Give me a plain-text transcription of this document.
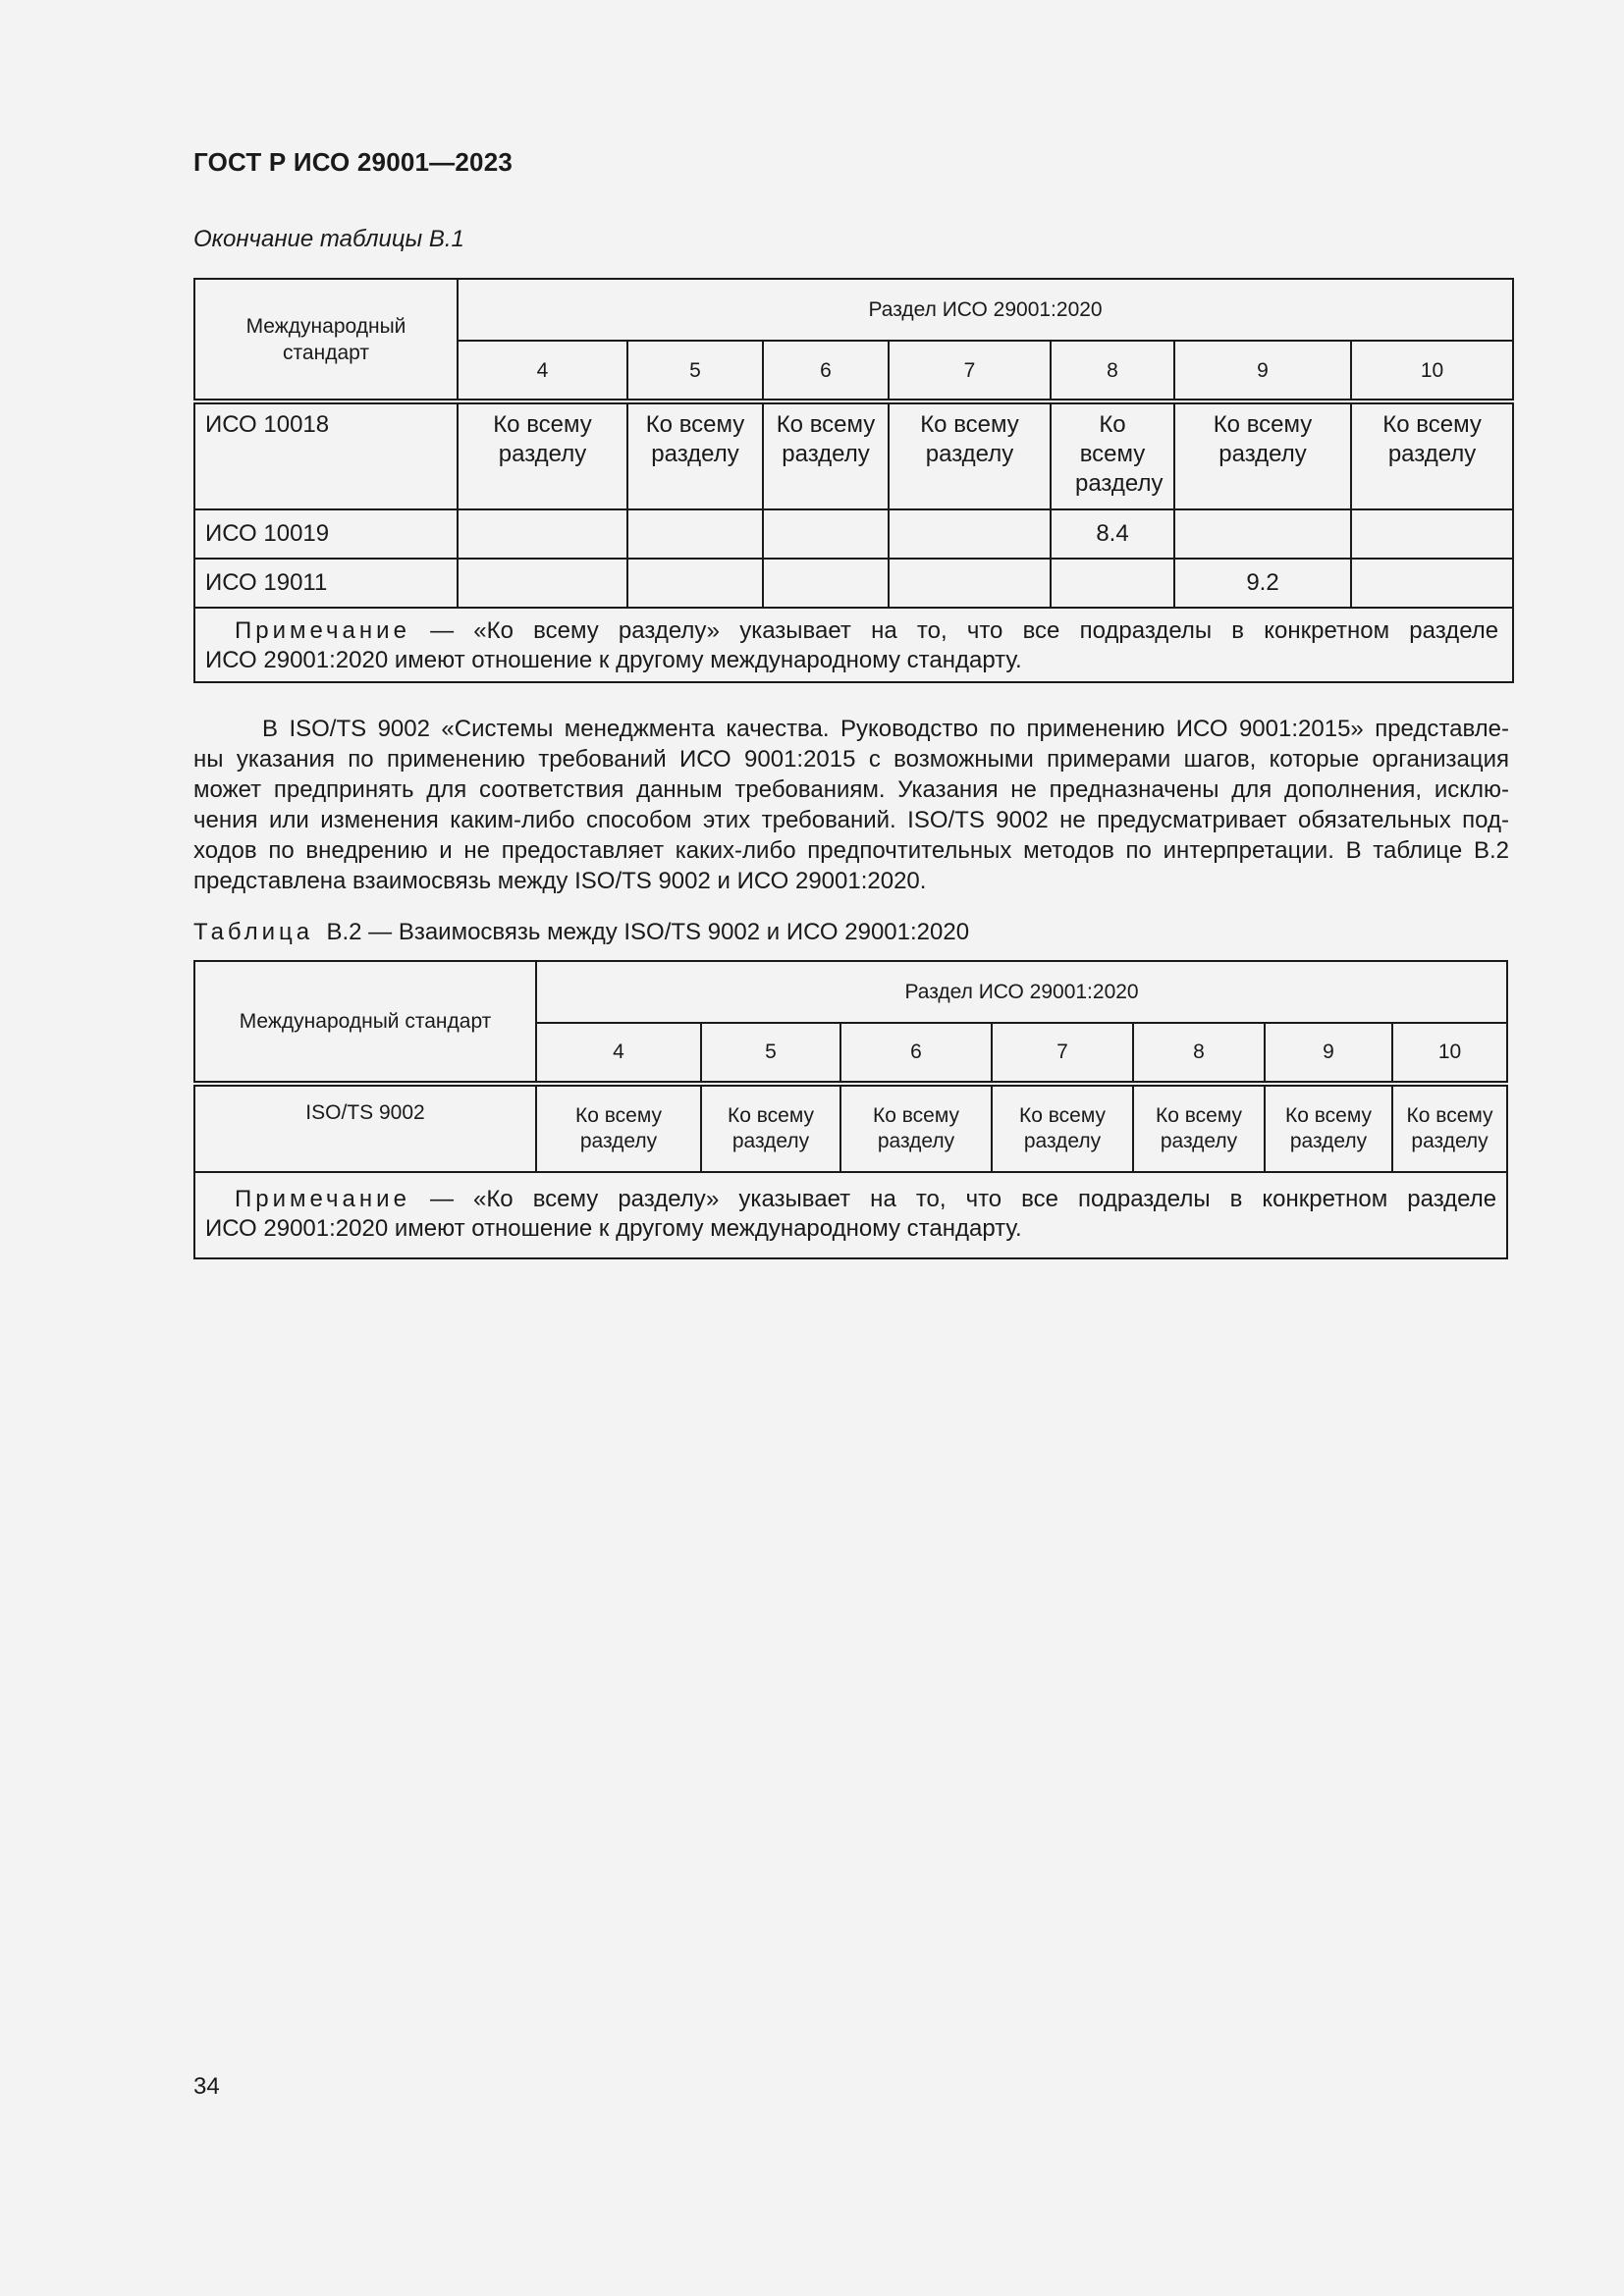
ГОСТ Р ИСО 29001—2023
Окончание таблицы В.1
Международный стандарт	Раздел ИСО 29001:2020						
	4	5	6	7	8	9	10
ИСО 10018	Ко всему разделу	Ко всему разделу	Ко всему разделу	Ко всему разделу	Ко всему разделу	Ко всему разделу	Ко всему разделу
ИСО 10019					8.4		
ИСО 19011						9.2	

Примечание — «Ко всему разделу» указывает на то, что все подразделы в конкретном разделе
ИСО 29001:2020 имеют отношение к другому международному стандарту.							
В ISO/TS 9002 «Системы менеджмента качества. Руководство по применению ИСО 9001:2015» представле-
ны указания по применению требований ИСО 9001:2015 с возможными примерами шагов, которые организация
может предпринять для соответствия данным требованиям. Указания не предназначены для дополнения, исклю-
чения или изменения каким-либо способом этих требований. ISO/TS 9002 не предусматривает обязательных под-
ходов по внедрению и не предоставляет каких-либо предпочтительных методов по интерпретации. В таблице В.2
представлена взаимосвязь между ISO/TS 9002 и ИСО 29001:2020.
Таблица В.2 — Взаимосвязь между ISO/TS 9002 и ИСО 29001:2020
Международный стандарт	Раздел ИСО 29001:2020						
	4	5	6	7	8	9	10
ISO/TS 9002	Ко всему разделу	Ко всему разделу	Ко всему разделу	Ко всему разделу	Ко всему разделу	Ко всему разделу	Ко всему разделу

Примечание — «Ко всему разделу» указывает на то, что все подразделы в конкретном разделе
ИСО 29001:2020 имеют отношение к другому международному стандарту.							
34
